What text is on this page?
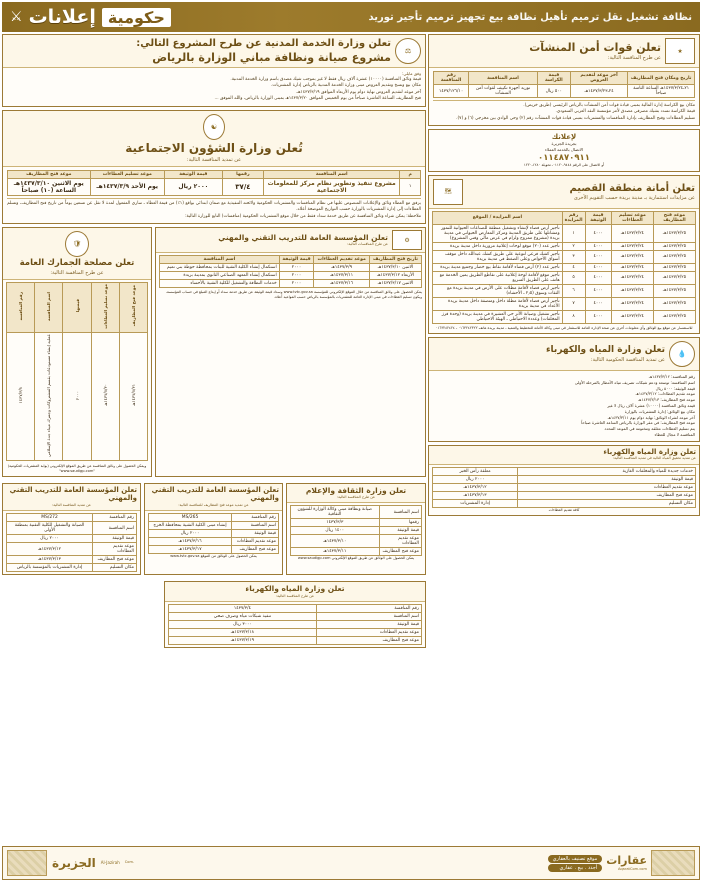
نظافة تشغيل نقل ترميم تأهيل نظافة بيع تجهيز ترميم تأجير توريد
حكومية
إعلانات
⚔
★
تعلن قوات أمن المنشآت
عن طرح المنافسة التالية:
تاريخ ومكان فتح المظاريف	آخر موعد لتقديم العروض	قيمة الكراسة	اسم المنافسة	رقم المنافسة
٢١ـ١٤٣٧/٣/٢٤هـ الساعة الثامنة صباحاً	٢٤ـ١٤٣٧/٣/٢٣هـ	٥٠٠ ريال	توريد أجهزة تكييف لقوات أمن المنشآت	١٤٣٧/١٢٦/١٠
مكان بيع الكراسة إدارة المالية بمبنى قيادة قوات أمن المنشآت بالرياض الرئيسي (طريق خريص).
قيمة الكراسة تسدد بشيك مصرفي مصدق لأمر مؤسسة النقد العربي السعودي.
تسليم العطاءات وفتح المظاريف بإدارة المنافسات والمشتريات بمبنى قيادة قوات المنشآت رقم (٢) وحي الوادي بين مخرجي (٦) و (٧).
لإعلانك
بجريدة الجزيرة
الاتصال بالخدمة العملاء
٠١١٤٨٧٠٩١١
أو الاتصال على الرقم ٩٤٤٤ـ٠١١٢٠ـ تحويلة ١٢٨٠ـ١٢٢٠
تعلن أمانة منطقة القصيم
عن مزايدات استثمارية بـ مدينة بريدة حسب التقويم الأخرى
🗺
موعد فتح المظاريف	موعد تسليم العطاءات	قيمة الوثيقة	رقم المزايدة	اسم المزايدة / الموقع
١٤٣٧/٣/٢٥هـ	١٤٣٧/٣/٢٤هـ	٤٠٠٠	١	تأجير أرض فضاء لإنشاء وتشغيل منطقة للصناعات الحيوانية للنمور ومشاتلها على طريق المدينة ومركز المعارض الحيواني في مدينة بريدة (مشروع ممزوج ولزام في عرض مالي وفني المشروع)
١٤٣٧/٣/٢٥هـ	١٤٣٧/٣/٢٤هـ	٤٠٠٠	٢	تأجير عدد (٢٠) موقع لوحات إعلانية مرورية داخل مدينة بريدة
١٤٣٧/٣/٢٥هـ	١٤٣٧/٣/٢٤هـ	٤٠٠٠	٣	تأجير كشك فرعي لتوعية على طريق كشك عبدالله داخل موقف أسواق الأحواض وعلى الضغط في مدينة بريدة
١٤٣٧/٣/٢٥هـ	١٤٣٧/٣/٢٤هـ	٤٠٠٠	٤	تأجير عدد (٢) أرض فضاء لأقامة نقاط بيع خضار وجميع مدينة بريدة
١٤٣٧/٣/٢٥هـ	١٤٣٧/٣/٢٤هـ	٤٠٠٠	٥	تأجير موقع لأقامة لوحة إعلانية على تقاطع الطريق يمين الخدمة مع هاتف على الطريق السريع
١٤٣٧/٣/٢٥هـ	١٤٣٧/٣/٢٤هـ	٤٠٠٠	٦	تأجير أرض فضاء لأقامة مظلات على الأرض في مدينة بريدة مع الثقات وسوق (٢٫٥ ـ الأحشاء)
١٤٣٧/٣/٢٥هـ	١٤٣٧/٣/٢٤هـ	٤٠٠٠	٧	تأجير أرض فضاء لأقامة مظلة داخل ومتصفة داخل مدينة بريدة الأعداد في مدينة بريدة
١٤٣٧/٣/٢٥هـ	١٤٣٧/٣/٢٤هـ	٤٠٠٠	٨	تأجير تشغيل وصيانة الأثر حي العشيرة في مدينة بريدة (وحدة فرز المخلفات) وعددة الاحتياطي ـ الهيئة الاحتياطي
للاستفسار عن موقع بيع الوثائق وأي معلومات أخرى عن صحة الإدارة العامة للاستثمار في مبنى وكالة الأمانة للتخطيط والتنمية ـ مدينة بريدة هاتف ٠١٦٣٢٤٢٣٢٢ ـ ٠١٦٣٢٤٢٤٢٤
💧
تعلن وزارة المياه والكهرباء
عن تمديد المنافسة الحكومية التالية:
رقم المنافسة: ١٤٣٧/٣/١٢هـ
اسم المنافسة: توسعة ودعم شبكات تصريف مياه الأمطار بالمرحلة الأولى
قيمة الوثيقة: ٥٠٠٠ ريال
موعد تقديم العطاءات: ١٤٣٧/٣/١٢هـ
موعد فتح المظاريف: ١٤٣٧/٣/١٣هـ
قيمة وثائق المنافسة (١٠٠٠٠) عشرة آلاف ريال لا غير
مكان بيع الوثائق: إدارة المشتريات بالوزارة
آخر موعد لشراء الوثائق: نهاية دوام يوم ١٤٣٧/٣/١١هـ
موعد فتح المظاريف: في مقر الوزارة بالرياض الساعة العاشرة صباحاً
يتم تسليم العطاءات مغلقة ومختومة في الموعد المحدد
المنافسة لا مجال للعطاء
تعلن وزارة المياه والكهرباء
عن تمديد تحقيق المياه التالية في تمديد المنافسة التالية:
خدمات جديدة للمياه والمخلفات الغازية	معلقة رأس الخبر
قيمة الوثيقة	٢٠٠٠ ريال
موعد تقديم العطاءات	١٤٣٧/٣/١٢هـ
موعد فتح المظاريف	١٤٣٧/٣/١٣هـ
مكان التسليم	إدارة المشتريات
كافة تقديم العطاءات
⚖
تعلن وزارة الخدمة المدنية عن طرح المشروع التالي:
مشروع صيانة ونظافة مباني الوزارة بالرياض
وفق مايلي:
قيمة وثائق المنافسة (١٠٠٠٠) عشرة آلاف ريال فقط لا غير بموجب شيك مصدق باسم وزارة الخدمة المدنية.
مكان بيع ونسخ وتقديم العروض مبنى وزارة الخدمة المدنية بالرياض إدارة المشتريات.
آخر موعد لتقديم العروض نهاية دوام يوم الأربعاء الموافق ١٤٣٧/٣/١٩هـ.
فتح المظاريف الساعة العاشرة صباحاً من يوم الخميس الموافق ١٤٣٧/٣/٢٠هـ بمبنى الوزارة بالرياض، والله الموفق ...
☯
تُعلن وزارة الشؤون الاجتماعية
عن تمديد المنافسة التالية:
م	اسم المنافسة	رقمها	قيمة الوثيقة	موعد تسليم العطاءات	موعد فتح المظاريف
١	مشروع تنفيذ وتطوير نظام مركز للمعلومات الاجتماعية	٣٧/٤	٢٠٠٠ ريال	يوم الأحد ١٤٣٧/٣/٩هـ	يوم الاثنين ١٤٣٧/٣/١٠هـ الساعة (١٠) صباحاً
يرفق مع العطاء وثائق والإعلانات المنصوص عليها في نظام المنافسات والمشتريات الحكومية ولائحته التنفيذية مع ضمان ابتدائي بواقع (١٪) من قيمة العطاء ـ ساري المفعول لمدة لا تقل عن تسعين يوماً من تاريخ فتح المظاريف، وتسلم العطاءات إلى إدارة المشتريات بالوزارة حسب التواريخ الموضحة أعلاه.
ملاحظة: يمكن شراء وثائق المنافسة عن طريق خدمة سداد فقط من خلال موقع المشتريات الحكومية (منافسات) التابع للوزارة التالية:
⚙
تعلن المؤسسة العامة للتدريب التقني والمهني
عن طرح المنافسات التالية:
تاريخ فتح المظاريف	موعد تقديم العطاءات	قيمة الوثيقة	اسم المنافسة
الاثنين ١٤٣٧/٣/١٠هـ	١٤٣٧/٣/٩هـ	٢٠٠٠	استكمال إنشاء الكلية التقنية للبنات بمحافظة حوطة بني تميم
الأربعاء ١٤٣٧/٣/١٢هـ	١٤٣٧/٣/١١هـ	٢٠٠٠	استكمال إنشاء المعهد الصناعي الثانوي بمدينة بريدة
الاثنين ١٤٣٧/٣/١٧هـ	١٤٣٧/٣/١٦هـ	٢٠٠٠	خدمات النظافة والتشغيل للكلية التقنية بالأحساء
يمكن الحصول على وثائق المنافسة من خلال الموقع الإلكتروني للمؤسسة www.tvtc.gov.sa وسداد قيمة الوثيقة عن طريق خدمة سداد أو إيداع المبلغ في حساب المؤسسة، ويكون تسليم العطاءات في مبنى الإدارة العامة للمشتريات بالمؤسسة بالرياض حسب المواعيد أعلاه.
🛡
تعلن مصلحة الجمارك العامة
عن طرح المنافسة التالية:
موعد فتح المظاريف	موعد تسليم العطاءات	قيمتها	اسم المنافسة	رقم المنافسة
١٤٣٧/٨/٣١هـ	١٤٣٧/٨/٣٠هـ	٢٠٠٠	عملية إنشاء مستودعات بقسم المشتروكات وجمرك ميناء جدة الإسلامي	١٤٣٧/٣/٨
ويمكن الحصول على وثائق المنافسة عن طريق الموقع الإلكتروني (بوابة المشتريات الحكومية) "www.saudigp.com"
تعلن وزارة الثقافة والإعلام
عن طرح المنافسة التالية:
اسم المنافسة	صيانة ونظافة مبنى وكالة الوزارة للشؤون الثقافية
رقمها	١٤٣٧/٣/٣
قيمة الوثيقة	١٤٠٠ ريال
موعد تقديم العطاءات	١٤٣٧/٣/١٠هـ
موعد فتح المظاريف	١٤٣٧/٣/١١هـ
يمكن الحصول على الوثائق عن طريق الموقع الإلكتروني www.saudigp.com
تعلن المؤسسة العامة للتدريب التقني والمهني
عن تمديد موعد فتح المظاريف للمنافسة التالية:
رقم المنافسة	MS/265
اسم المنافسة	إنشاء مبنى الكلية التقنية بمحافظة الخرج
قيمة الوثيقة	٢٠٠٠ ريال
موعد تقديم العطاءات	١٤٣٧/٣/١٦هـ
موعد فتح المظاريف	١٤٣٧/٣/١٧هـ
يمكن الحصول على الوثائق من الموقع www.tvtc.gov.sa
تعلن المؤسسة العامة للتدريب التقني والمهني
عن تمديد المنافسة التالية:
رقم المنافسة	MS/272
اسم المنافسة	الصيانة والتشغيل للكلية التقنية بمنطقة الأولى
قيمة الوثيقة	٢٠٠٠ ريال
موعد تقديم العطاءات	١٤٣٧/٣/١٢هـ
موعد فتح المظاريف	١٤٣٧/٣/١٣هـ
مكان التسليم	إدارة المشتريات بالمؤسسة بالرياض
تعلن وزارة المياه والكهرباء
عن طرح المنافسة التالية:
رقم المنافسة	١٤٣٧/٣/٤
اسم المنافسة	تنفيذ شبكات مياه وصرف صحي
قيمة الوثيقة	٣٠٠٠ ريال
موعد تقديم العطاءات	١٤٣٧/٣/١٨هـ
موعد فتح المظاريف	١٤٣٧/٣/١٩هـ
عقارات
AqaratCom.com
موقع تصنيف بالعقاري
أجدد . بيع . عقاري
.Com
Al-Jazirah
الجزيرة
